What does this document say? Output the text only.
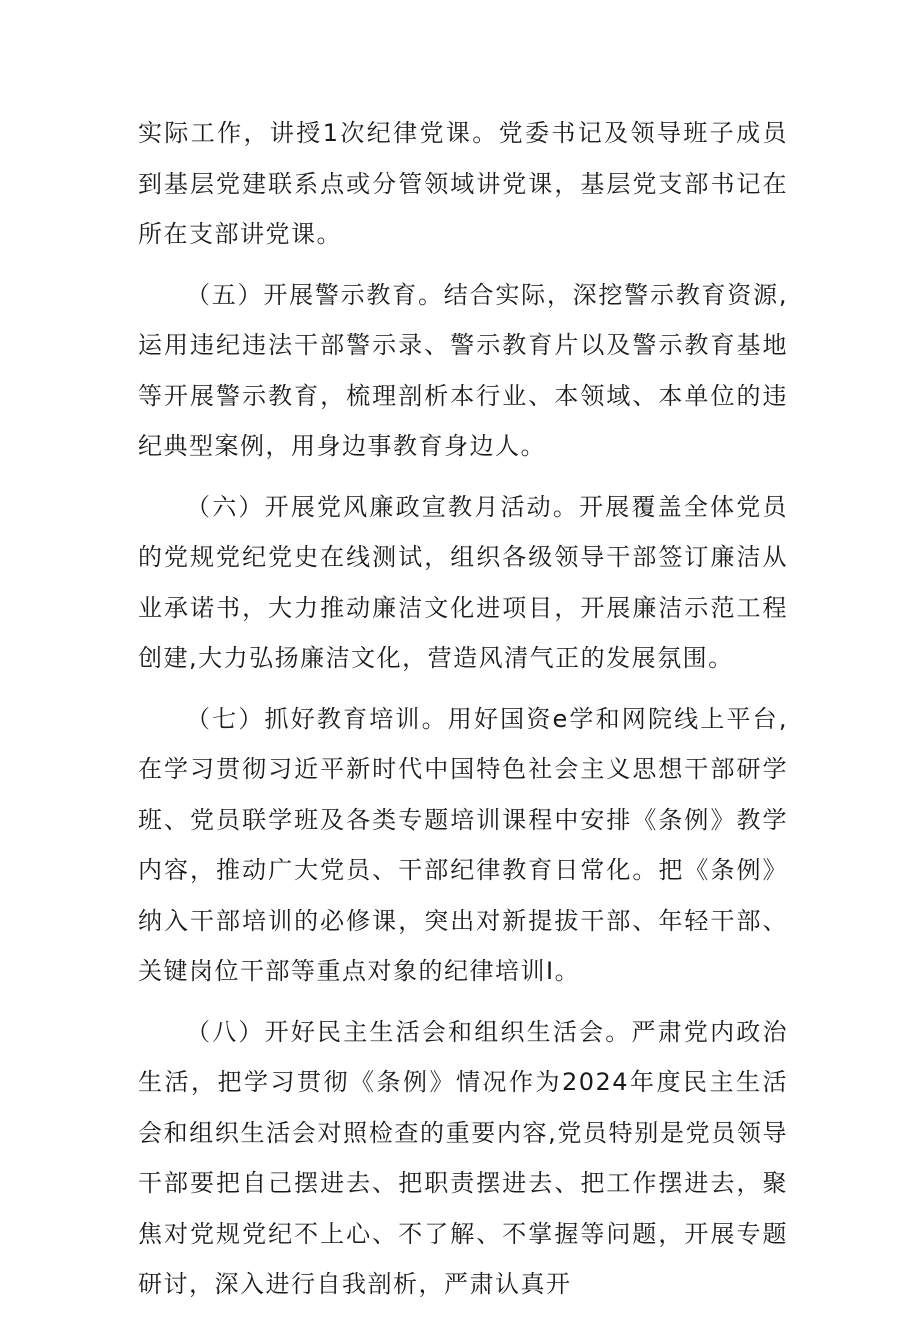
实际工作，讲授1次纪律党课。党委书记及领导班子成员到基层党建联系点或分管领域讲党课，基层党支部书记在所在支部讲党课。

（五）开展警示教育。结合实际，深挖警示教育资源,运用违纪违法干部警示录、警示教育片以及警示教育基地等开展警示教育，梳理剖析本行业、本领域、本单位的违纪典型案例，用身边事教育身边人。

（六）开展党风廉政宣教月活动。开展覆盖全体党员的党规党纪党史在线测试，组织各级领导干部签订廉洁从业承诺书，大力推动廉洁文化进项目，开展廉洁示范工程创建,大力弘扬廉洁文化，营造风清气正的发展氛围。

（七）抓好教育培训。用好国资e学和网院线上平台,在学习贯彻习近平新时代中国特色社会主义思想干部研学班、党员联学班及各类专题培训课程中安排《条例》教学内容，推动广大党员、干部纪律教育日常化。把《条例》纳入干部培训的必修课，突出对新提拔干部、年轻干部、关键岗位干部等重点对象的纪律培训I。

（八）开好民主生活会和组织生活会。严肃党内政治生活，把学习贯彻《条例》情况作为2024年度民主生活会和组织生活会对照检查的重要内容,党员特别是党员领导干部要把自己摆进去、把职责摆进去、把工作摆进去，聚焦对党规党纪不上心、不了解、不掌握等问题，开展专题研讨，深入进行自我剖析，严肃认真开
